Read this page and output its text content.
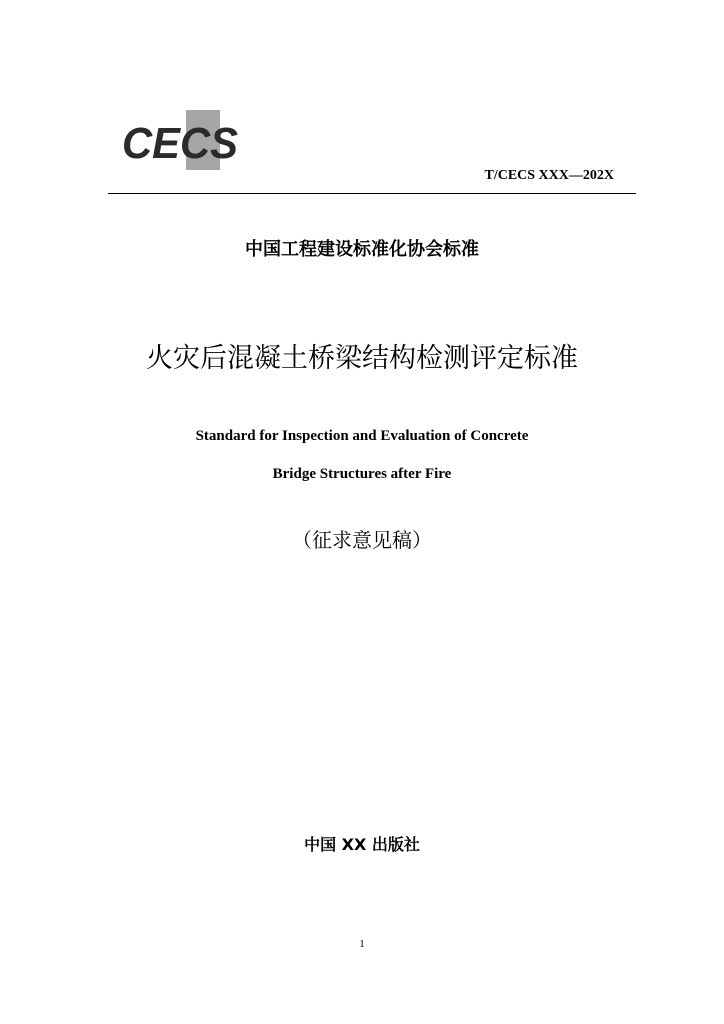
CECS
T/CECS XXX—202X
中国工程建设标准化协会标准
火灾后混凝土桥梁结构检测评定标准
Standard for Inspection and Evaluation of Concrete
Bridge Structures after Fire
（征求意见稿）
中国 XX 出版社
1
